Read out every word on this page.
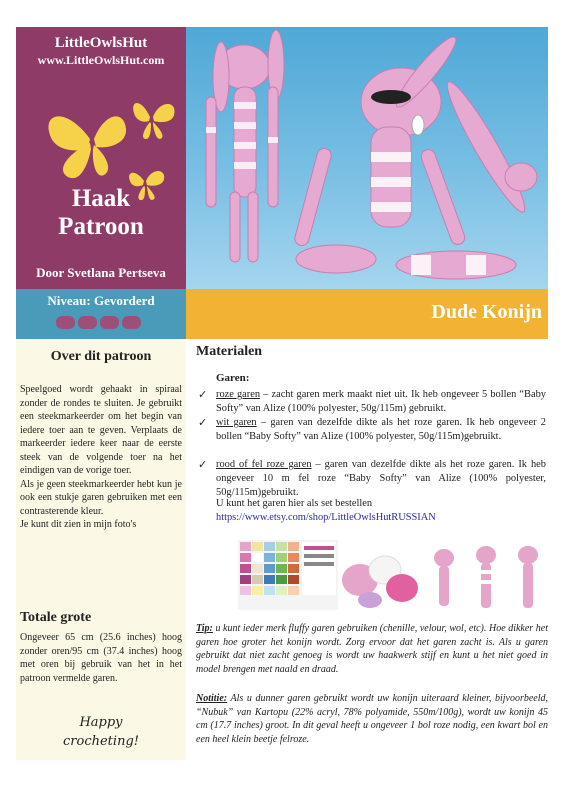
LittleOwlsHut
www.LittleOwlsHut.com
Haak
Patroon
Door Svetlana Pertseva
Niveau: Gevorderd
Dude Konijn
Over dit patroon
Speelgoed wordt gehaakt in spiraal zonder de rondes te sluiten. Je gebruikt een steekmarkeerder om het begin van iedere toer aan te geven. Verplaats de markeerder iedere keer naar de eerste steek van de volgende toer na het eindigen van de vorige toer.
Als je geen steekmarkeerder hebt kun je ook een stukje garen gebruiken met een contrasterende kleur.
Je kunt dit zien in mijn foto's
Totale grote
Ongeveer 65 cm (25.6 inches) hoog zonder oren/95 cm (37.4 inches) hoog met oren bij gebruik van het in het patroon vermelde garen.
Happy
crocheting!
Materialen
Garen:
✓ roze garen – zacht garen merk maakt niet uit. Ik heb ongeveer 5 bollen “Baby Softy” van Alize (100% polyester, 50g/115m) gebruikt.
✓ wit garen – garen van dezelfde dikte als het roze garen. Ik heb ongeveer 2 bollen “Baby Softy” van Alize (100% polyester, 50g/115m)gebruikt.
✓ rood of fel roze garen – garen van dezelfde dikte als het roze garen. Ik heb ongeveer 10 m fel roze “Baby Softy” van Alize (100% polyester, 50g/115m)gebruikt.
U kunt het garen hier als set bestellen
https://www.etsy.com/shop/LittleOwlsHutRUSSIAN
Tip: u kunt ieder merk fluffy garen gebruiken (chenille, velour, wol, etc). Hoe dikker het garen hoe groter het konijn wordt. Zorg ervoor dat het garen zacht is. Als u garen gebruikt dat niet zacht genoeg is wordt uw haakwerk stijf en kunt u het niet goed in model brengen met naald en draad.
Notitie: Als u dunner garen gebruikt wordt uw konijn uiteraard kleiner, bijvoorbeeld, “Nubuk” van Kartopu (22% acryl, 78% polyamide, 550m/100g), wordt uw konijn 45 cm (17.7 inches) groot. In dit geval heeft u ongeveer 1 bol roze nodig, een kwart bol en een heel klein beetje felroze.
